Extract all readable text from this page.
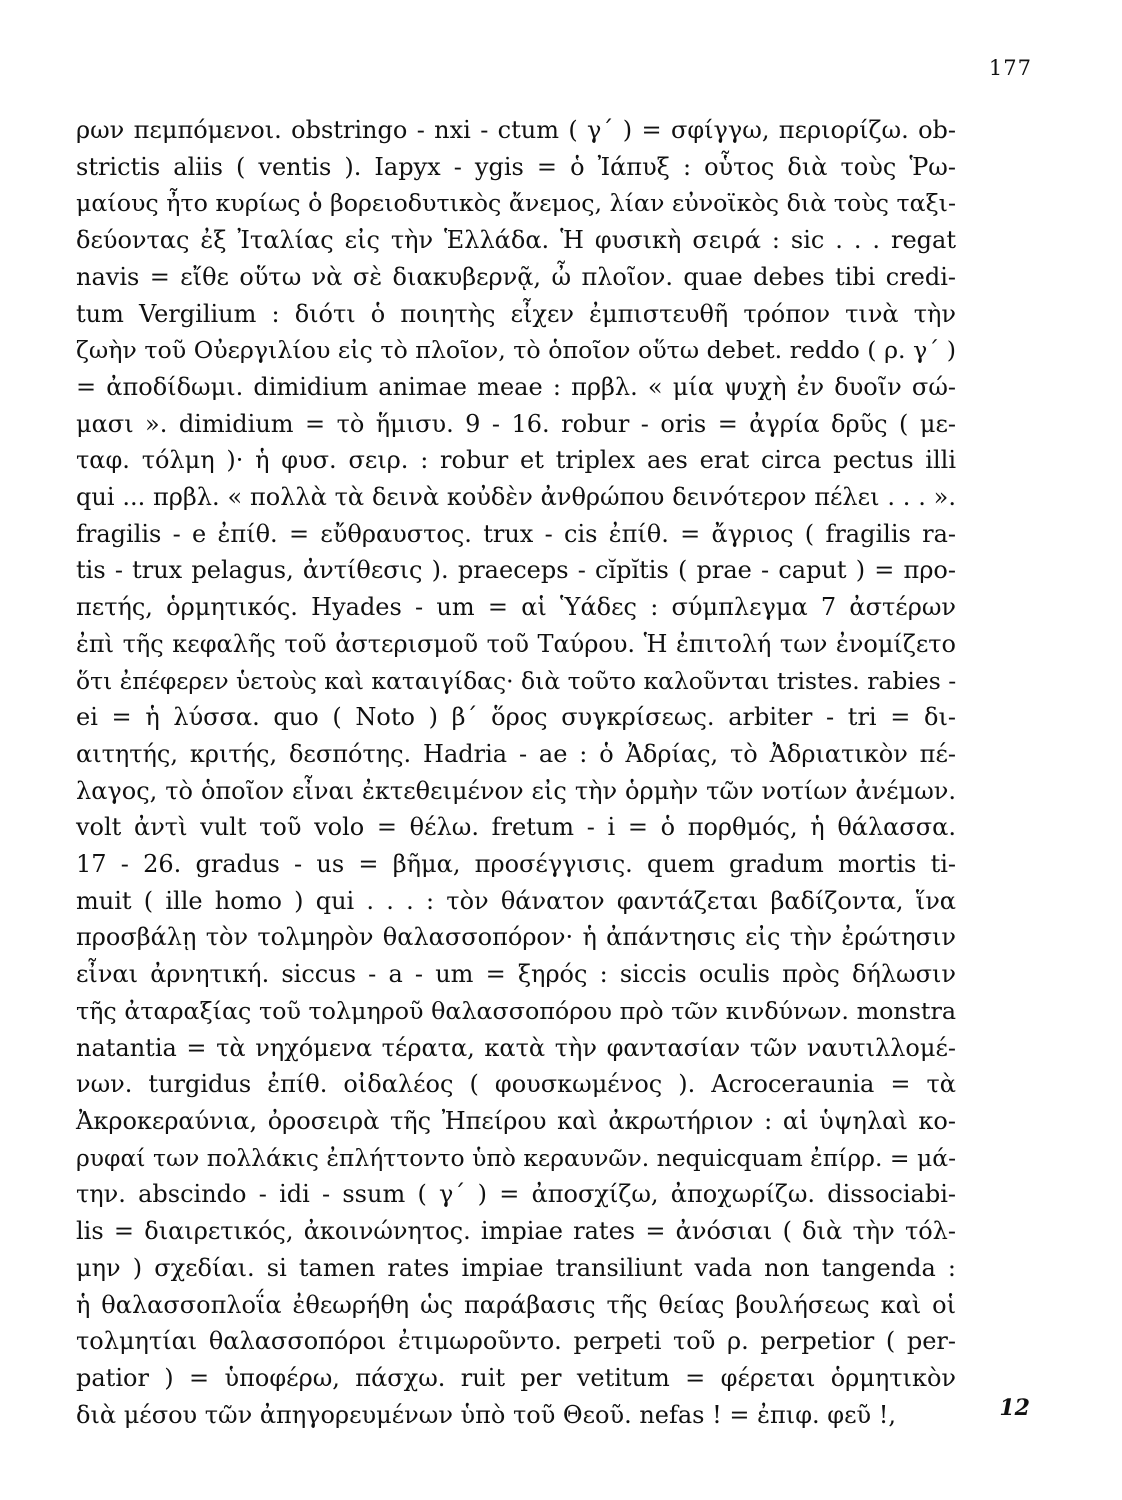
177
ρων πεμπόμενοι. obstringo - nxi - ctum ( γ΄ ) = σφίγγω, περιορίζω. ob-
strictis aliis ( ventis ). Iapyx - ygis = ὁ Ἰάπυξ : οὗτος διὰ τοὺς Ῥω-
μαίους ἦτο κυρίως ὁ βορειοδυτικὸς ἄνεμος, λίαν εὐνοϊκὸς διὰ τοὺς ταξι-
δεύοντας ἐξ Ἰταλίας εἰς τὴν Ἑλλάδα. Ἡ φυσικὴ σειρά : sic . . . regat
navis = εἴθε οὕτω νὰ σὲ διακυβερνᾷ, ὦ πλοῖον. quae debes tibi credi-
tum Vergilium : διότι ὁ ποιητὴς εἶχεν ἐμπιστευθῆ τρόπον τινὰ τὴν
ζωὴν τοῦ Οὐεργιλίου εἰς τὸ πλοῖον, τὸ ὁποῖον οὕτω debet. reddo ( ρ. γ΄ )
= ἀποδίδωμι. dimidium animae meae : πρβλ. « μία ψυχὴ ἐν δυοῖν σώ-
μασι ». dimidium = τὸ ἥμισυ. 9 - 16. robur - oris = ἀγρία δρῦς ( με-
ταφ. τόλμη )· ἡ φυσ. σειρ. : robur et triplex aes erat circa pectus illi
qui ... πρβλ. « πολλὰ τὰ δεινὰ κοὐδὲν ἀνθρώπου δεινότερον πέλει . . . ».
fragilis - e ἐπίθ. = εὔθραυστος. trux - cis ἐπίθ. = ἄγριος ( fragilis ra-
tis - trux pelagus, ἀντίθεσις ). praeceps - cĭpĭtis ( prae - caput ) = προ-
πετής, ὁρμητικός. Hyades - um = αἱ Ὑάδες : σύμπλεγμα 7 ἀστέρων
ἐπὶ τῆς κεφαλῆς τοῦ ἀστερισμοῦ τοῦ Ταύρου. Ἡ ἐπιτολή των ἐνομίζετο
ὅτι ἐπέφερεν ὑετοὺς καὶ καταιγίδας· διὰ τοῦτο καλοῦνται tristes. rabies -
ei = ἡ λύσσα. quo ( Noto ) β΄ ὅρος συγκρίσεως. arbiter - tri = δι-
αιτητής, κριτής, δεσπότης. Hadria - ae : ὁ Ἀδρίας, τὸ Ἀδριατικὸν πέ-
λαγος, τὸ ὁποῖον εἶναι ἐκτεθειμένον εἰς τὴν ὁρμὴν τῶν νοτίων ἀνέμων.
volt ἀντὶ vult τοῦ volo = θέλω. fretum - i = ὁ πορθμός, ἡ θάλασσα.
17 - 26. gradus - us = βῆμα, προσέγγισις. quem gradum mortis ti-
muit ( ille homo ) qui . . . : τὸν θάνατον φαντάζεται βαδίζοντα, ἵνα
προσβάλῃ τὸν τολμηρὸν θαλασσοπόρον· ἡ ἀπάντησις εἰς τὴν ἐρώτησιν
εἶναι ἀρνητική. siccus - a - um = ξηρός : siccis oculis πρὸς δήλωσιν
τῆς ἀταραξίας τοῦ τολμηροῦ θαλασσοπόρου πρὸ τῶν κινδύνων. monstra
natantia = τὰ νηχόμενα τέρατα, κατὰ τὴν φαντασίαν τῶν ναυτιλλομέ-
νων. turgidus ἐπίθ. οἰδαλέος ( φουσκωμένος ). Acroceraunia = τὰ
Ἀκροκεραύνια, ὀροσειρὰ τῆς Ἠπείρου καὶ ἀκρωτήριον : αἱ ὑψηλαὶ κο-
ρυφαί των πολλάκις ἐπλήττοντο ὑπὸ κεραυνῶν. nequicquam ἐπίρρ. = μά-
την. abscindo - idi - ssum ( γ΄ ) = ἀποσχίζω, ἀποχωρίζω. dissociabi-
lis = διαιρετικός, ἀκοινώνητος. impiae rates = ἀνόσιαι ( διὰ τὴν τόλ-
μην ) σχεδίαι. si tamen rates impiae transiliunt vada non tangenda :
ἡ θαλασσοπλοΐα ἐθεωρήθη ὡς παράβασις τῆς θείας βουλήσεως καὶ οἱ
τολμητίαι θαλασσοπόροι ἐτιμωροῦντο. perpeti τοῦ ρ. perpetior ( per-
patior ) = ὑποφέρω, πάσχω. ruit per vetitum = φέρεται ὁρμητικὸν
διὰ μέσου τῶν ἀπηγορευμένων ὑπὸ τοῦ Θεοῦ. nefas ! = ἐπιφ. φεῦ !,	12
